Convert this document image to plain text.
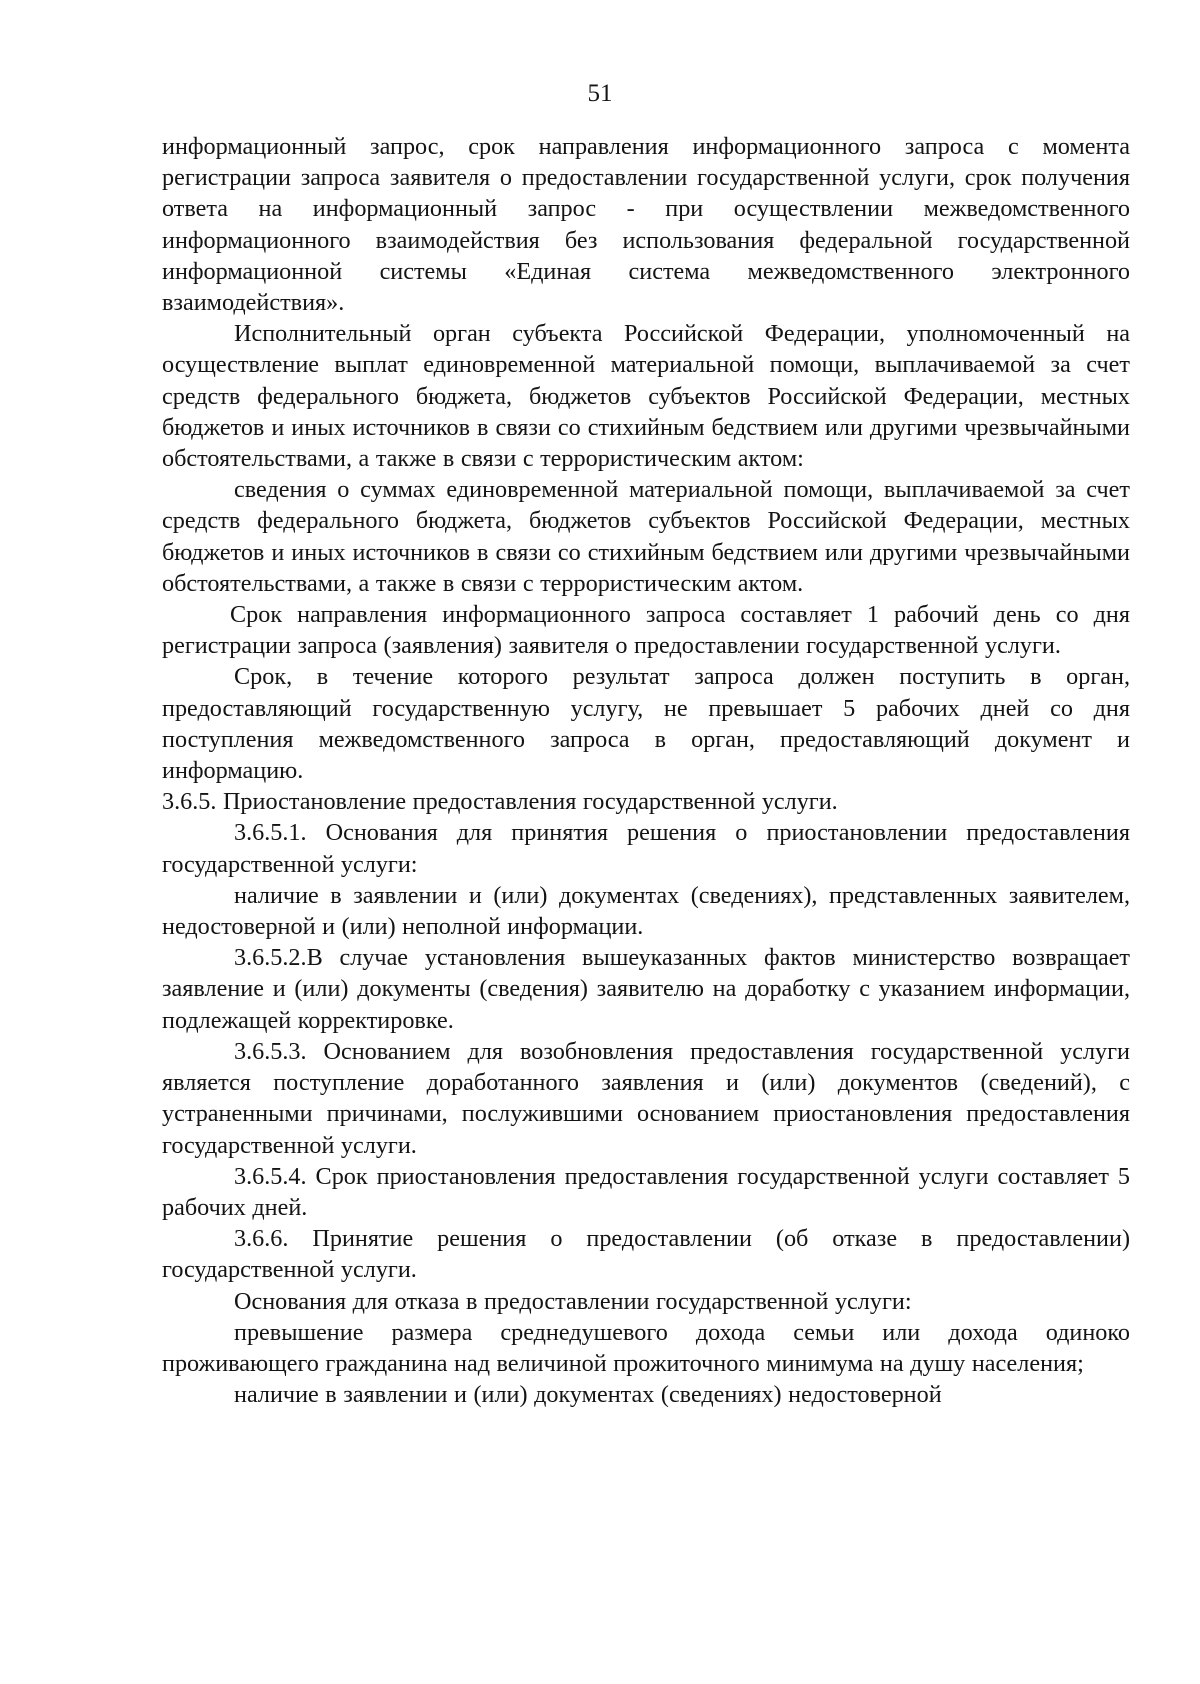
51

информационный запрос, срок направления информационного запроса с момента регистрации запроса заявителя о предоставлении государственной услуги, срок получения ответа на информационный запрос - при осуществлении межведомственного информационного взаимодействия без использования федеральной государственной информационной системы «Единая система межведомственного электронного взаимодействия».

Исполнительный орган субъекта Российской Федерации, уполномоченный на осуществление выплат единовременной материальной помощи, выплачиваемой за счет средств федерального бюджета, бюджетов субъектов Российской Федерации, местных бюджетов и иных источников в связи со стихийным бедствием или другими чрезвычайными обстоятельствами, а также в связи с террористическим актом:

сведения о суммах единовременной материальной помощи, выплачиваемой за счет средств федерального бюджета, бюджетов субъектов Российской Федерации, местных бюджетов и иных источников в связи со стихийным бедствием или другими чрезвычайными обстоятельствами, а также в связи с террористическим актом.

Срок направления информационного запроса составляет 1 рабочий день со дня регистрации запроса (заявления) заявителя о предоставлении государственной услуги.

Срок, в течение которого результат запроса должен поступить в орган, предоставляющий государственную услугу, не превышает 5 рабочих дней со дня поступления межведомственного запроса в орган, предоставляющий документ и информацию.

3.6.5. Приостановление предоставления государственной услуги.

3.6.5.1. Основания для принятия решения о приостановлении предоставления государственной услуги:

наличие в заявлении и (или) документах (сведениях), представленных заявителем, недостоверной и (или) неполной информации.

3.6.5.2.В случае установления вышеуказанных фактов министерство возвращает заявление и (или) документы (сведения) заявителю на доработку с указанием информации, подлежащей корректировке.

3.6.5.3. Основанием для возобновления предоставления государственной услуги является поступление доработанного заявления и (или) документов (сведений), с устраненными причинами, послужившими основанием приостановления предоставления государственной услуги.

3.6.5.4. Срок приостановления предоставления государственной услуги составляет 5 рабочих дней.

3.6.6. Принятие решения о предоставлении (об отказе в предоставлении) государственной услуги.

Основания для отказа в предоставлении государственной услуги:

превышение размера среднедушевого дохода семьи или дохода одиноко проживающего гражданина над величиной прожиточного минимума на душу населения;

наличие в заявлении и (или) документах (сведениях) недостоверной
